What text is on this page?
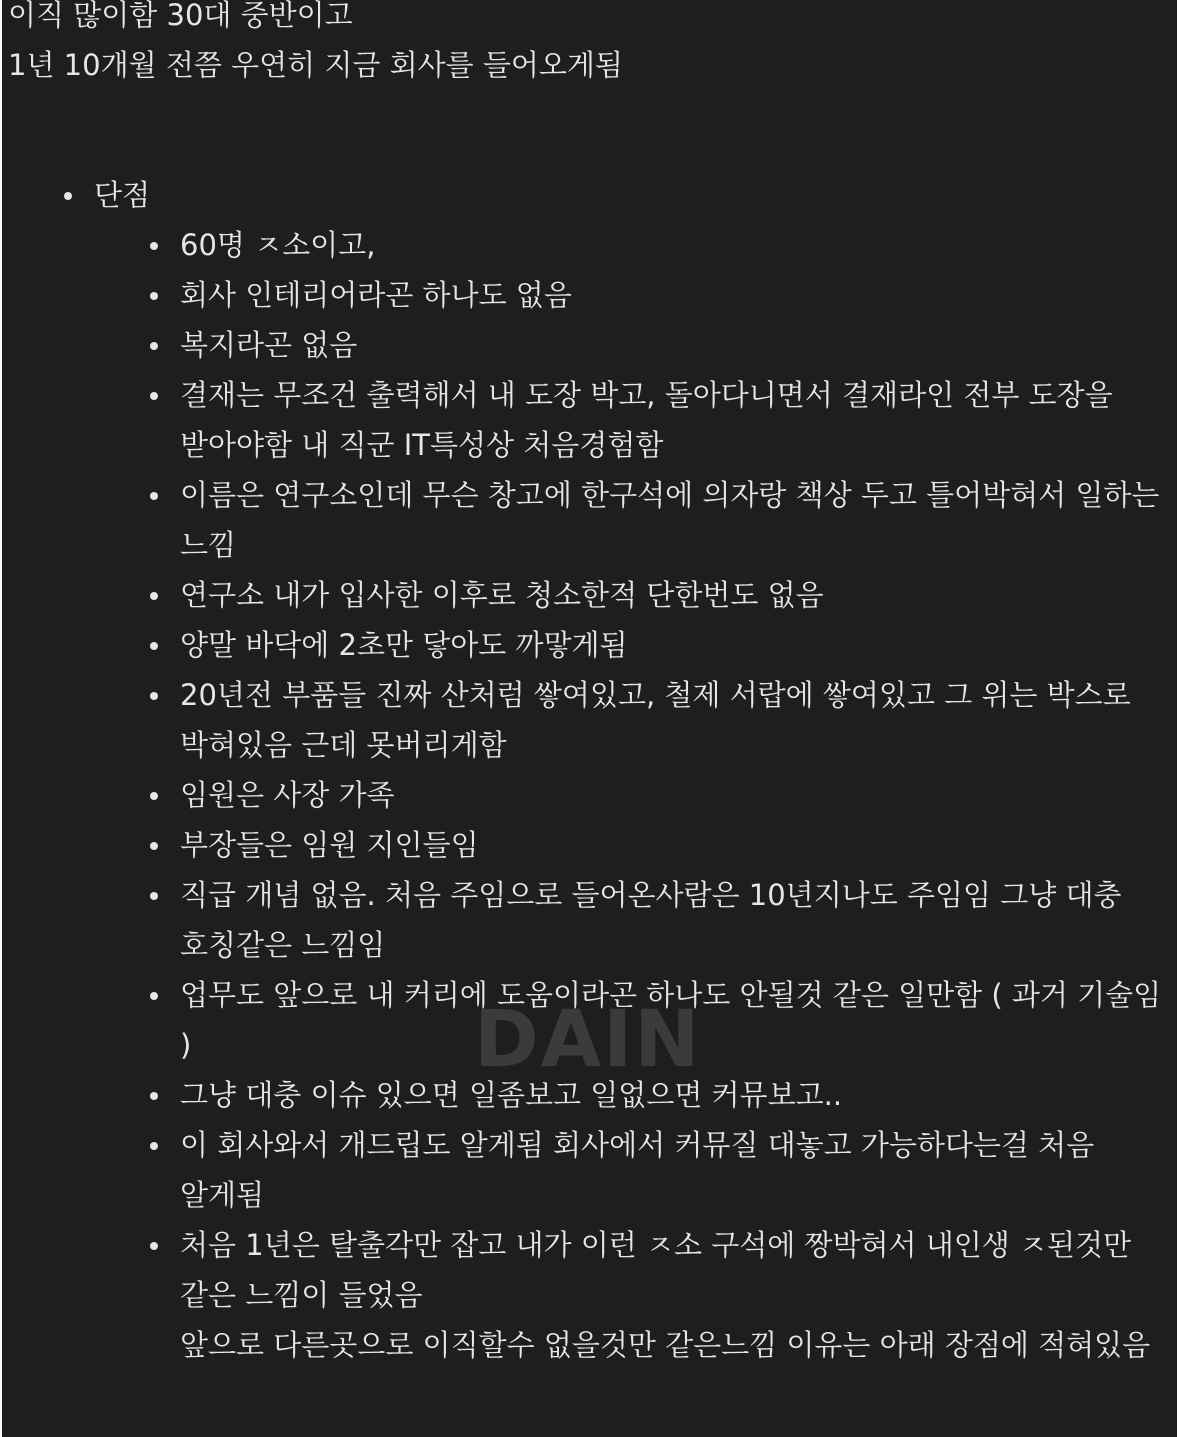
이직 많이함 30대 중반이고

1년 10개월 전쯤 우연히 지금 회사를 들어오게됨

단점
60명 ㅈ소이고,
회사 인테리어라곤 하나도 없음
복지라곤 없음
결재는 무조건 출력해서 내 도장 박고, 돌아다니면서 결재라인 전부 도장을 받아야함 내 직군 IT특성상 처음경험함
이름은 연구소인데 무슨 창고에 한구석에 의자랑 책상 두고 틀어박혀서 일하는 느낌
연구소 내가 입사한 이후로 청소한적 단한번도 없음
양말 바닥에 2초만 닿아도 까맣게됨
20년전 부품들 진짜 산처럼 쌓여있고, 철제 서랍에 쌓여있고 그 위는 박스로 박혀있음 근데 못버리게함
임원은 사장 가족
부장들은 임원 지인들임
직급 개념 없음. 처음 주임으로 들어온사람은 10년지나도 주임임 그냥 대충 호칭같은 느낌임
업무도 앞으로 내 커리에 도움이라곤 하나도 안될것 같은 일만함 ( 과거 기술임 )
그냥 대충 이슈 있으면 일좀보고 일없으면 커뮤보고..
이 회사와서 개드립도 알게됨 회사에서 커뮤질 대놓고 가능하다는걸 처음 알게됨
처음 1년은 탈출각만 잡고 내가 이런 ㅈ소 구석에 짱박혀서 내인생 ㅈ된것만 같은 느낌이 들었음
앞으로 다른곳으로 이직할수 없을것만 같은느낌 이유는 아래 장점에 적혀있음
DAIN
